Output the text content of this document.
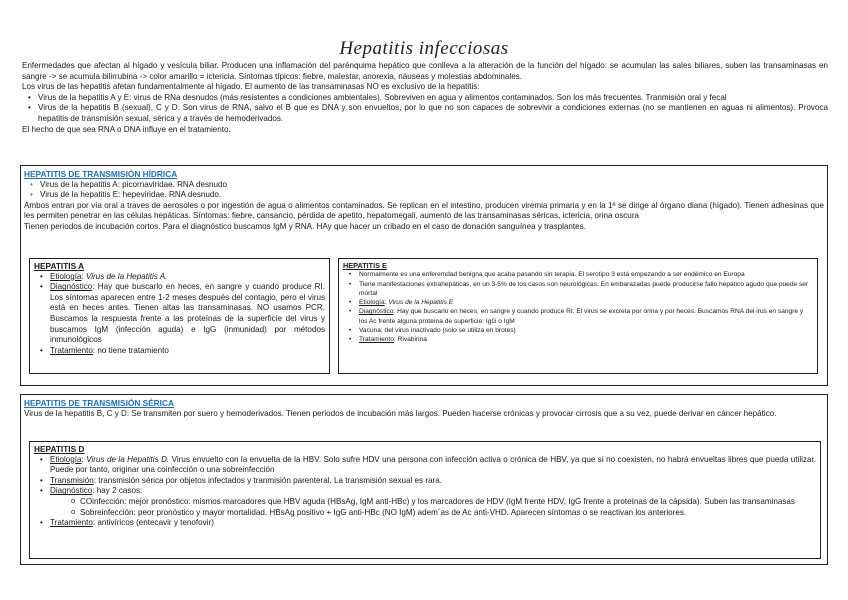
Hepatitis infecciosas

Enfermedades que afectan al hígado y vesícula biliar. Producen una inflamación del parénquima hepático que conlleva a la alteración de la función del hígado: se acumulan las sales biliares, suben las transaminasas en sangre -> se acumula bilirrubina -> color amarillo = ictericia. Síntomas típicos: fiebre, malestar, anorexia, náuseas y molestias abdominales.

Los virus de las hepatitis afetan fundamentalmente al hígado. El aumento de las transaminasas NO es exclusivo de la hepatitis:

• Virus de la hepatitis A y E: virus de RNa desnudos (más resistentes a condiciones ambientales). Sobreviven en agua y alimentos contaminados. Son los más frecuentes. Tranmisión oral y fecal
• Virus de la hepatitis B (sexual), C y D. Son virus de RNA, salvo el B que es DNA y son envueltos, por lo que no son capaces de sobrevivir a condiciones externas (no se mantienen en aguas ni alimentos). Provoca hepatitis de transmisión sexual, sérica y a través de hemoderivados.

El hecho de que sea RNA o DNA influye en el tratamiento.

HEPATITIS DE TRANSMISIÓN HÍDRICA
• Virus de la hepatitis A: picornaviridae. RNA desnudo
• Virus de la hepatitis E: hepeviridae. RNA desnudo.

Ambos entran por vía oral a traves de aerosoles o por ingestión de agua o alimentos contaminados. Se replican en el intestino, producen viremia primaria y en la 1ª se dirige al órgano diana (hígado). Tienen adhesinas que les permiten penetrar en las células hepáticas. Síntomas: fiebre, cansancio, pérdida de apetito, hepatomegali, aumento de las transaminasas séricas, ictericia, orina oscura

Tienen periodos de incubación cortos. Para el diagnóstico buscamos IgM y RNA. HAy que hacer un cribado en el caso de donación sanguínea y trasplantes.

HEPATITIS A
• Etiología: Virus de la Hepatitis A.
• Diagnóstico: Hay que buscarlo en heces, en sangre y cuando produce RI. Los síntomas aparecen entre 1-2 meses después del contagio, pero el virus está en heces antes. Tienen altas las transaminasas. NO usamos PCR. Buscamos la respuesta frente a las proteínas de la superficie del virus y buscamos IgM (infección aguda) e IgG (inmunidad) por métodos inmunológicos
• Tratamiento: no tiene tratamiento
HEPATITIS E
• Normalmente es una enferemdad benigna que acaba pasando sin terapia. El serotipo 3 está empezando a ser endémico en Europa
• Tiene manifestaciones extrahepáticas, en un 3-5% de los casos son neurológicas. En embarazadas puede producirse fallo hepático agudo que puede ser mortal
• Etiología: Virus de la Hepatitis E
• Diagnóstico: Hay que buscarlo en heces, en sangre y cuando produce RI. El virus se excreta por orina y por heces. Buscamos RNA del irus en sangre y los Ac frente alguna proteína de superficie: IgG o IgM
• Vacuna: del virus inactivado (solo se utiliza en brotes)
• Tratamiento: Rivabirina
HEPATITIS DE TRANSMISIÓN SÉRICA

Virus de la hepatitis B, C y D. Se transmiten por suero y hemoderivados. Tienen periodos de incubación más largos. Pueden hacerse crónicas y provocar cirrosis que a su vez, puede derivar en cáncer hepático.

HEPATITIS D
• Etiología: Virus de la Hepatitis D. Virus envuelto con la envuelta de la HBV. Solo sufre HDV una persona con infección activa o crónica de HBV, ya que si no coexisten, no habrá envueltas libres que pueda utilizar. Puede por tanto, originar una coinfección o una sobreinfección
• Transmisión: transmisión sérica por objetos infectados y tranmisión parenteral. La transmisión sexual es rara.
• Diagnóstico: hay 2 casos:
o COinfección: mejor pronóstico: mismos marcadores que HBV aguda (HBsAg, IgM anti-HBc) y los marcadores de HDV (IgM frente HDV, IgG frente a proteínas de la cápsida). Suben las transaminasas
o Sobreinfección: peor pronóstico y mayor mortalidad. HBsAg positivo + IgG anti-HBc (NO IgM) adem´as de Ac anti-VHD. Aparecen síntomas o se reactivan los anteriores.
• Tratamiento: antivíricos (entecavir y tenofovir)
